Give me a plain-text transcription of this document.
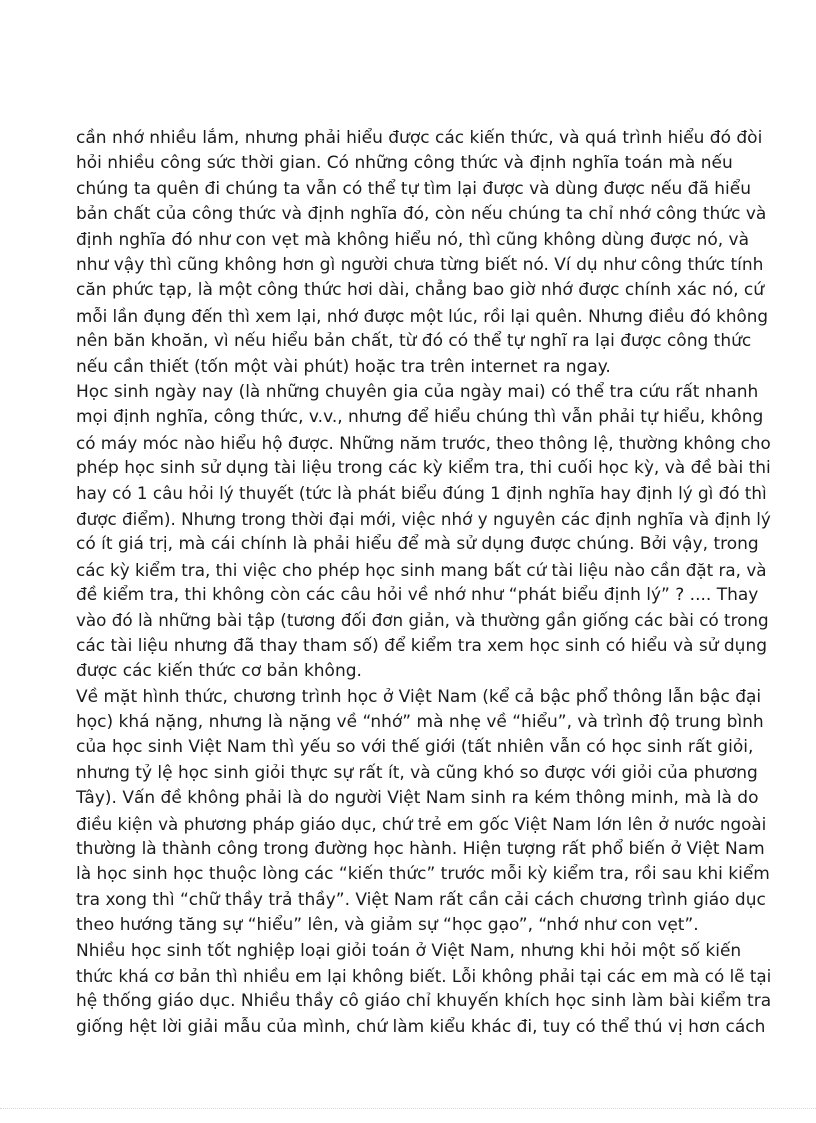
cần nhớ nhiều lắm, nhưng phải hiểu được các kiến thức, và quá trình hiểu đó đòi
hỏi nhiều công sức thời gian. Có những công thức và định nghĩa toán mà nếu
chúng ta quên đi chúng ta vẫn có thể tự tìm lại được và dùng được nếu đã hiểu
bản chất của công thức và định nghĩa đó, còn nếu chúng ta chỉ nhớ công thức và
định nghĩa đó như con vẹt mà không hiểu nó, thì cũng không dùng được nó, và
như vậy thì cũng không hơn gì người chưa từng biết nó. Ví dụ như công thức tính
căn phức tạp, là một công thức hơi dài, chẳng bao giờ nhớ được chính xác nó, cứ
mỗi lần đụng đến thì xem lại, nhớ được một lúc, rồi lại quên. Nhưng điều đó không
nên băn khoăn, vì nếu hiểu bản chất, từ đó có thể tự nghĩ ra lại được công thức
nếu cần thiết (tốn một vài phút) hoặc tra trên internet ra ngay.
Học sinh ngày nay (là những chuyên gia của ngày mai) có thể tra cứu rất nhanh
mọi định nghĩa, công thức, v.v., nhưng để hiểu chúng thì vẫn phải tự hiểu, không
có máy móc nào hiểu hộ được. Những năm trước, theo thông lệ, thường không cho
phép học sinh sử dụng tài liệu trong các kỳ kiểm tra, thi cuối học kỳ, và đề bài thi
hay có 1 câu hỏi lý thuyết (tức là phát biểu đúng 1 định nghĩa hay định lý gì đó thì
được điểm). Nhưng trong thời đại mới, việc nhớ y nguyên các định nghĩa và định lý
có ít giá trị, mà cái chính là phải hiểu để mà sử dụng được chúng. Bởi vậy, trong
các kỳ kiểm tra, thi việc cho phép học sinh mang bất cứ tài liệu nào cần đặt ra, và
đề kiểm tra, thi không còn các câu hỏi về nhớ như “phát biểu định lý” ? .... Thay
vào đó là những bài tập (tương đối đơn giản, và thường gần giống các bài có trong
các tài liệu nhưng đã thay tham số) để kiểm tra xem học sinh có hiểu và sử dụng
được các kiến thức cơ bản không.
Về mặt hình thức, chương trình học ở Việt Nam (kể cả bậc phổ thông lẫn bậc đại
học) khá nặng, nhưng là nặng về “nhớ” mà nhẹ về “hiểu”, và trình độ trung bình
của học sinh Việt Nam thì yếu so với thế giới (tất nhiên vẫn có học sinh rất giỏi,
nhưng tỷ lệ học sinh giỏi thực sự rất ít, và cũng khó so được với giỏi của phương
Tây). Vấn đề không phải là do người Việt Nam sinh ra kém thông minh, mà là do
điều kiện và phương pháp giáo dục, chứ trẻ em gốc Việt Nam lớn lên ở nước ngoài
thường là thành công trong đường học hành. Hiện tượng rất phổ biến ở Việt Nam
là học sinh học thuộc lòng các “kiến thức” trước mỗi kỳ kiểm tra, rồi sau khi kiểm
tra xong thì “chữ thầy trả thầy”. Việt Nam rất cần cải cách chương trình giáo dục
theo hướng tăng sự “hiểu” lên, và giảm sự “học gạo”, “nhớ như con vẹt”.
Nhiều học sinh tốt nghiệp loại giỏi toán ở Việt Nam, nhưng khi hỏi một số kiến
thức khá cơ bản thì nhiều em lại không biết. Lỗi không phải tại các em mà có lẽ tại
hệ thống giáo dục. Nhiều thầy cô giáo chỉ khuyến khích học sinh làm bài kiểm tra
giống hệt lời giải mẫu của mình, chứ làm kiểu khác đi, tuy có thể thú vị hơn cách
